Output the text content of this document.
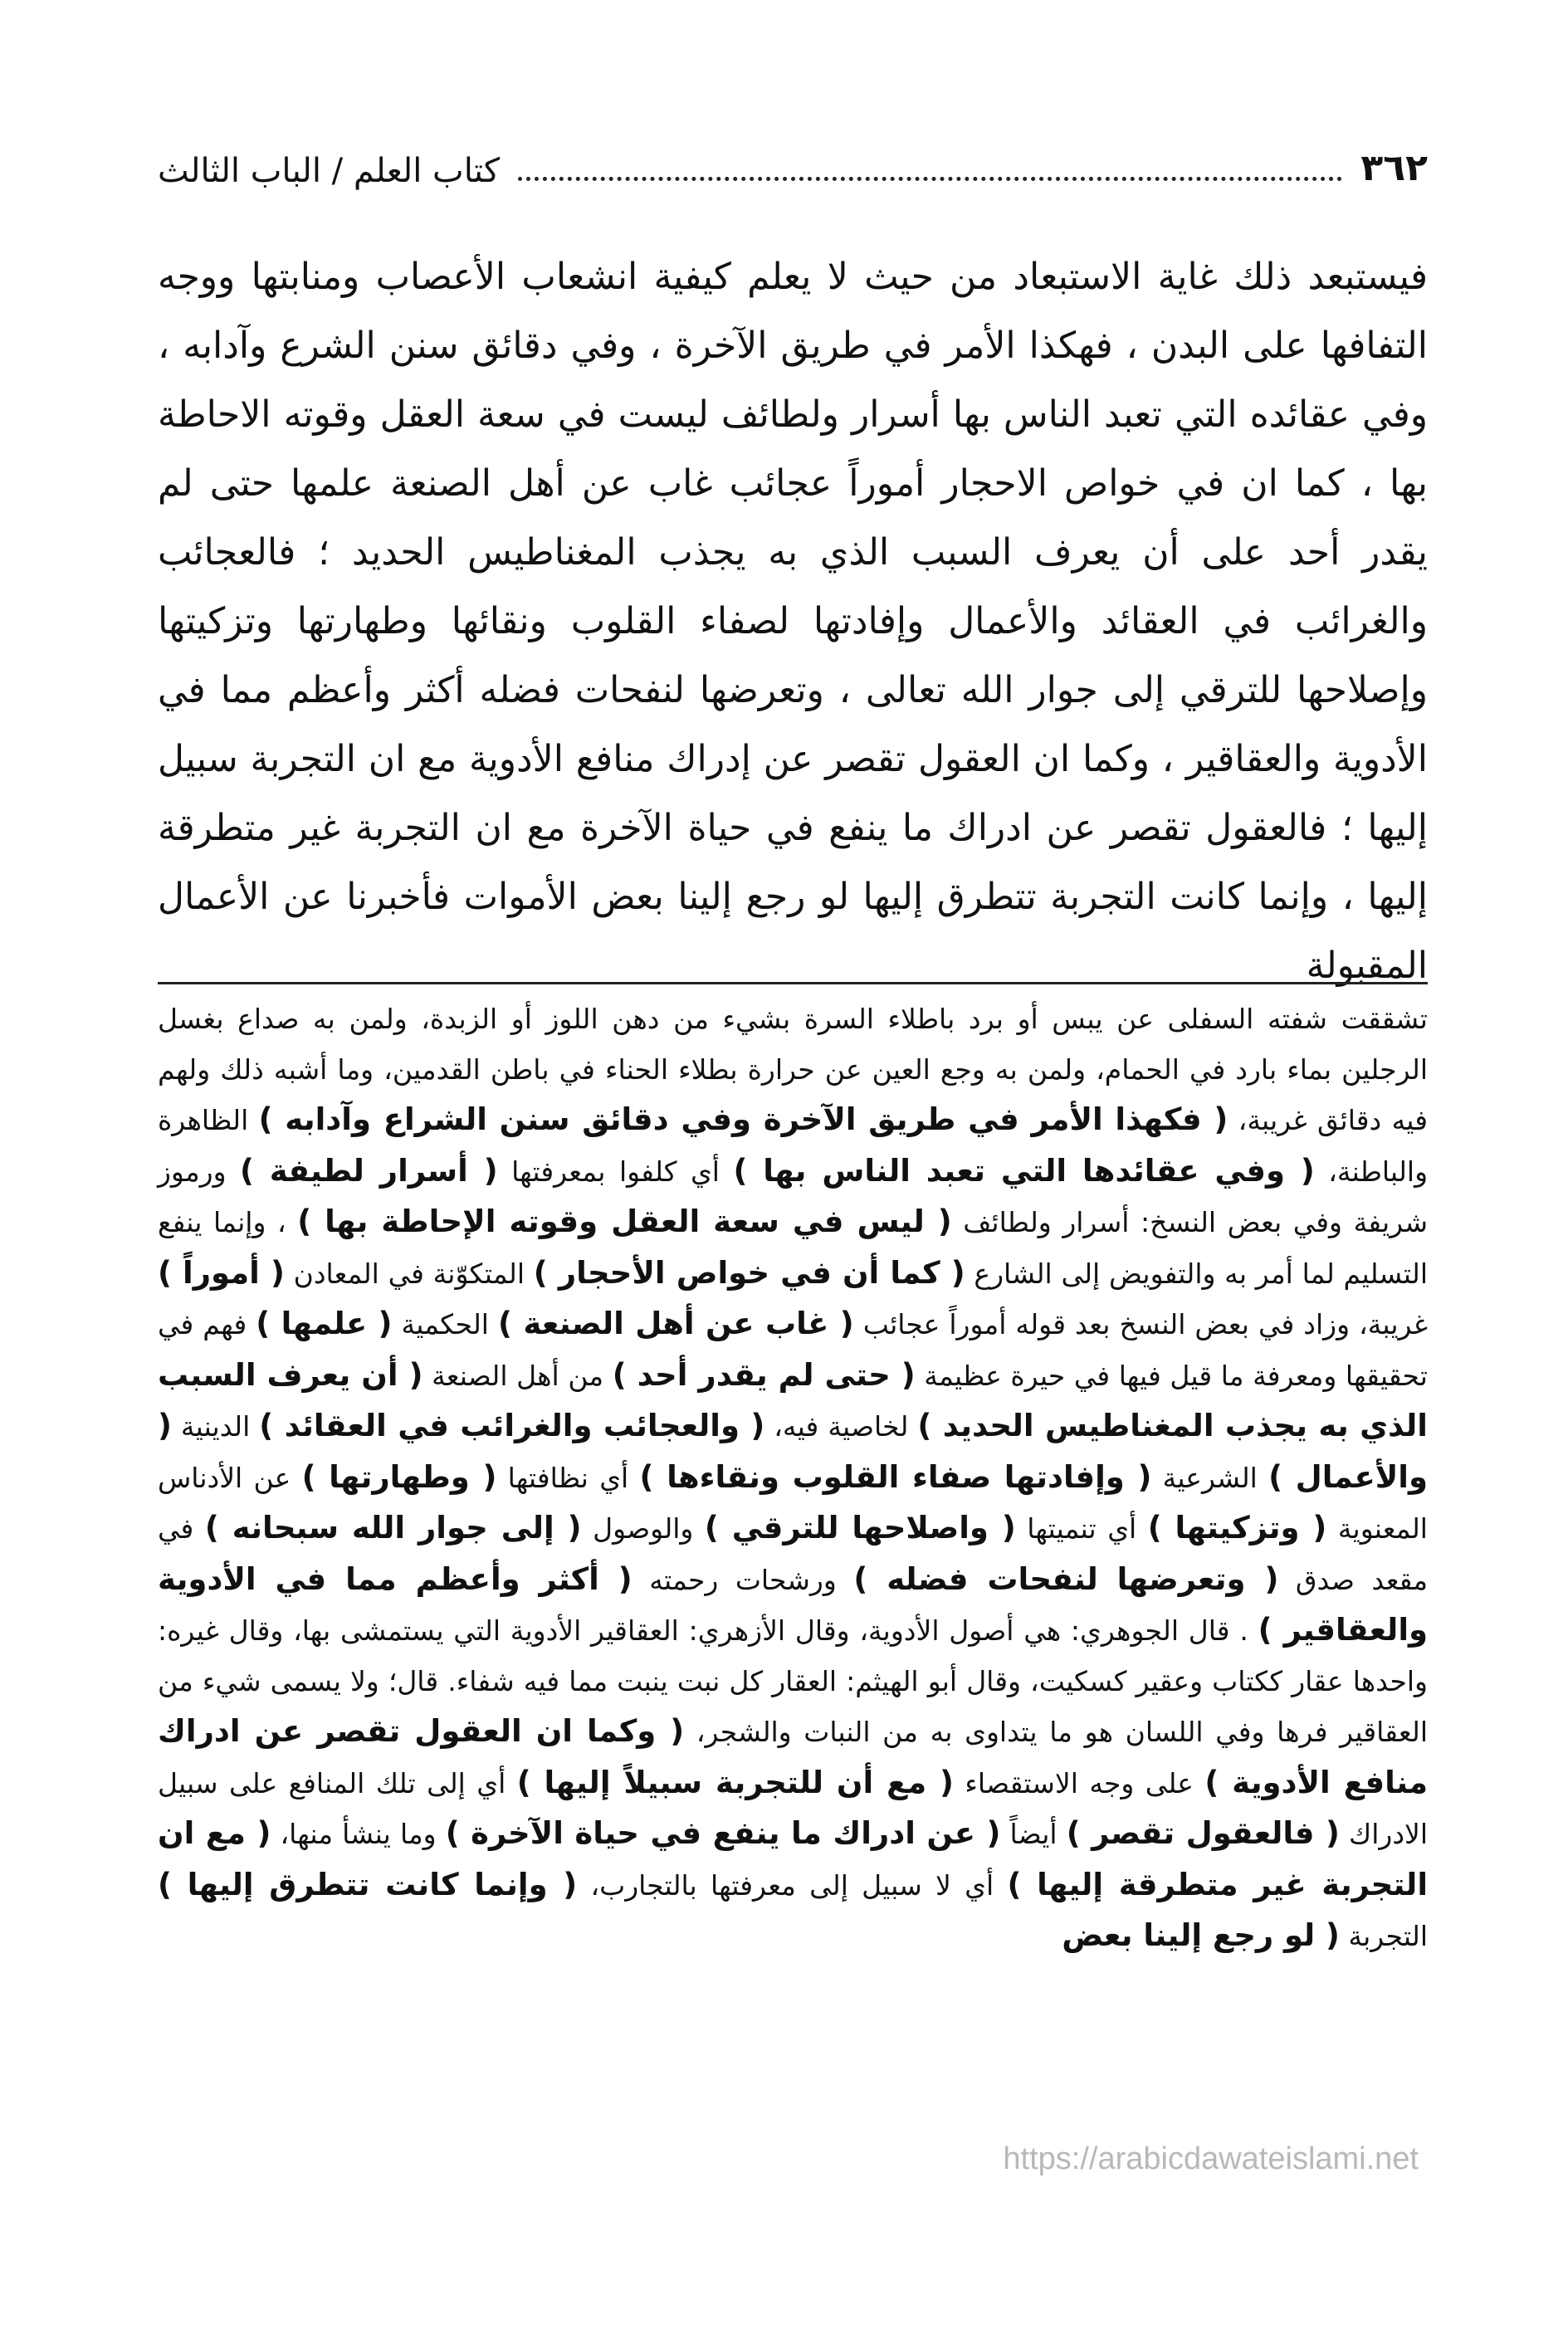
٣٦٢
كتاب العلم / الباب الثالث
فيستبعد ذلك غاية الاستبعاد من حيث لا يعلم كيفية انشعاب الأعصاب ومنابتها ووجه التفافها على البدن ، فهكذا الأمر في طريق الآخرة ، وفي دقائق سنن الشرع وآدابه ، وفي عقائده التي تعبد الناس بها أسرار ولطائف ليست في سعة العقل وقوته الاحاطة بها ، كما ان في خواص الاحجار أموراً عجائب غاب عن أهل الصنعة علمها حتى لم يقدر أحد على أن يعرف السبب الذي به يجذب المغناطيس الحديد ؛ فالعجائب والغرائب في العقائد والأعمال وإفادتها لصفاء القلوب ونقائها وطهارتها وتزكيتها وإصلاحها للترقي إلى جوار الله تعالى ، وتعرضها لنفحات فضله أكثر وأعظم مما في الأدوية والعقاقير ، وكما ان العقول تقصر عن إدراك منافع الأدوية مع ان التجربة سبيل إليها ؛ فالعقول تقصر عن ادراك ما ينفع في حياة الآخرة مع ان التجربة غير متطرقة إليها ، وإنما كانت التجربة تتطرق إليها لو رجع إلينا بعض الأموات فأخبرنا عن الأعمال المقبولة
تشققت شفته السفلى عن يبس أو برد باطلاء السرة بشيء من دهن اللوز أو الزبدة، ولمن به صداع بغسل الرجلين بماء بارد في الحمام، ولمن به وجع العين عن حرارة بطلاء الحناء في باطن القدمين، وما أشبه ذلك ولهم فيه دقائق غريبة، ( فكهذا الأمر في طريق الآخرة وفي دقائق سنن الشراع وآدابه ) الظاهرة والباطنة، ( وفي عقائدها التي تعبد الناس بها ) أي كلفوا بمعرفتها ( أسرار لطيفة ) ورموز شريفة وفي بعض النسخ: أسرار ولطائف ( ليس في سعة العقل وقوته الإحاطة بها ) ، وإنما ينفع التسليم لما أمر به والتفويض إلى الشارع ( كما أن في خواص الأحجار ) المتكوّنة في المعادن ( أموراً ) غريبة، وزاد في بعض النسخ بعد قوله أموراً عجائب ( غاب عن أهل الصنعة ) الحكمية ( علمها ) فهم في تحقيقها ومعرفة ما قيل فيها في حيرة عظيمة ( حتى لم يقدر أحد ) من أهل الصنعة ( أن يعرف السبب الذي به يجذب المغناطيس الحديد ) لخاصية فيه، ( والعجائب والغرائب في العقائد ) الدينية ( والأعمال ) الشرعية ( وإفادتها صفاء القلوب ونقاءها ) أي نظافتها ( وطهارتها ) عن الأدناس المعنوية ( وتزكيتها ) أي تنميتها ( واصلاحها للترقي ) والوصول ( إلى جوار الله سبحانه ) في مقعد صدق ( وتعرضها لنفحات فضله ) ورشحات رحمته ( أكثر وأعظم مما في الأدوية والعقاقير ) . قال الجوهري: هي أصول الأدوية، وقال الأزهري: العقاقير الأدوية التي يستمشى بها، وقال غيره: واحدها عقار ككتاب وعقير كسكيت، وقال أبو الهيثم: العقار كل نبت ينبت مما فيه شفاء. قال؛ ولا يسمى شيء من العقاقير فرها وفي اللسان هو ما يتداوى به من النبات والشجر، ( وكما ان العقول تقصر عن ادراك منافع الأدوية ) على وجه الاستقصاء ( مع أن للتجربة سبيلاً إليها ) أي إلى تلك المنافع على سبيل الادراك ( فالعقول تقصر ) أيضاً ( عن ادراك ما ينفع في حياة الآخرة ) وما ينشأ منها، ( مع ان التجربة غير متطرقة إليها ) أي لا سبيل إلى معرفتها بالتجارب، ( وإنما كانت تتطرق إليها ) التجربة ( لو رجع إلينا بعض
https://arabicdawateislami.net
